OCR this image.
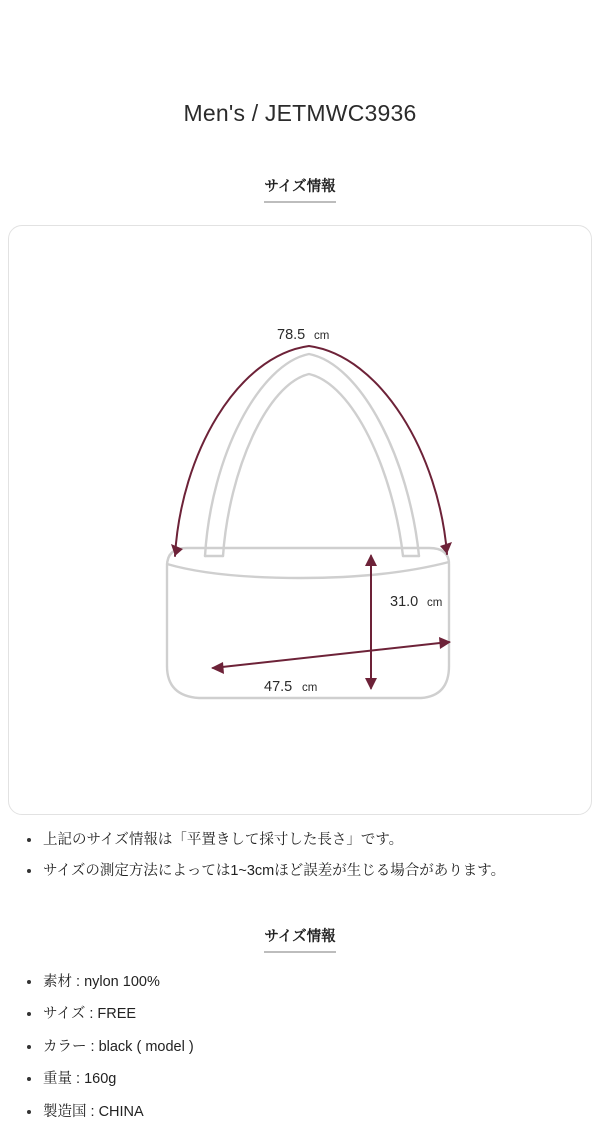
Men's / JETMWC3936
サイズ情報
78.5 cm
31.0 cm
47.5 cm
上記のサイズ情報は「平置きして採寸した長さ」です。
サイズの測定方法によっては1~3cmほど誤差が生じる場合があります。
サイズ情報
素材 : nylon 100%
サイズ : FREE
カラー : black ( model )
重量 : 160g
製造国 : CHINA
